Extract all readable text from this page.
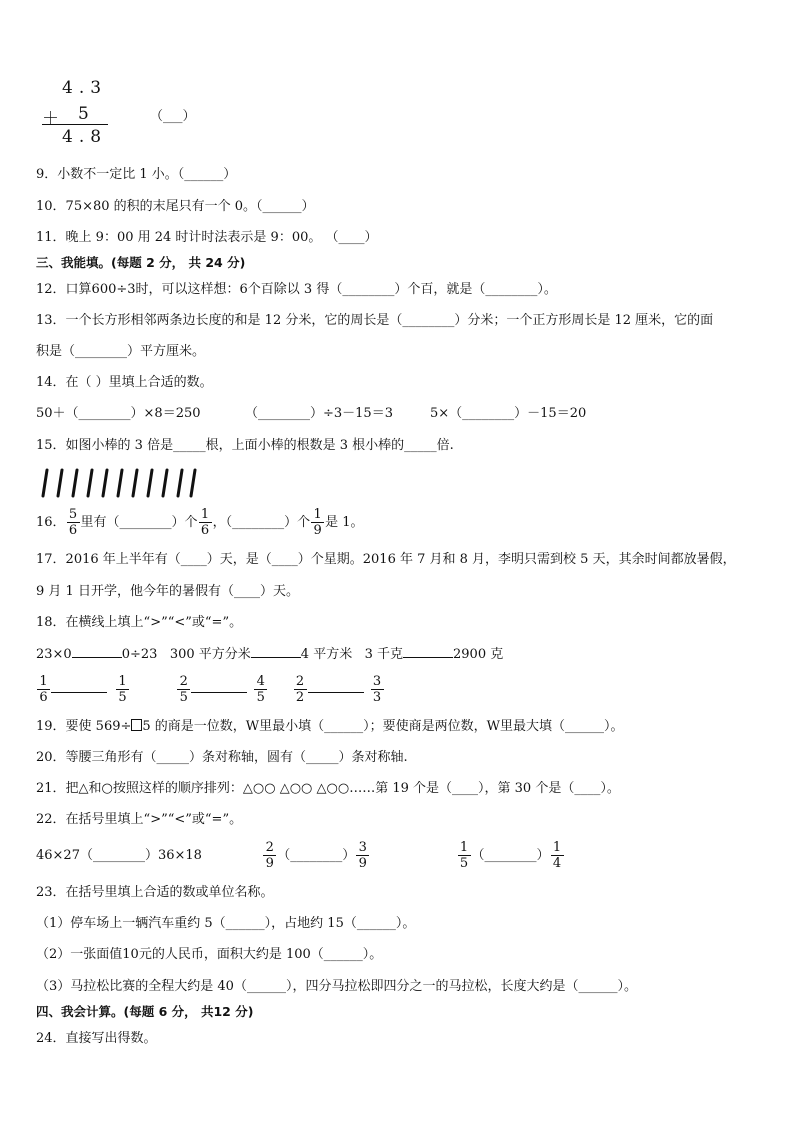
4.3
＋ 5
4.8
（___）
9．小数不一定比 1 小。（______）
10．75×80 的积的末尾只有一个 0。（______）
11．晚上 9：00 用 24 时计时法表示是 9：00。 （____）
三、我能填。(每题 2 分， 共 24 分)
12．口算600÷3时，可以这样想：6个百除以 3 得（________）个百，就是（________）。
13．一个长方形相邻两条边长度的和是 12 分米，它的周长是（________）分米；一个正方形周长是 12 厘米，它的面
积是（________）平方厘米。
14．在（ ）里填上合适的数。
50＋（________）×8＝250	（________）÷3－15＝3	5×（________）－15＝20
15．如图小棒的 3 倍是_____根，上面小棒的根数是 3 根小棒的_____倍.
16． $\frac{5}{6}$ 里有（________）个 $\frac{1}{6}$ ，（________）个 $\frac{1}{9}$ 是 1。
17．2016 年上半年有（____）天，是（____）个星期。2016 年 7 月和 8 月，李明只需到校 5 天，其余时间都放暑假，
9 月 1 日开学，他今年的暑假有（____）天。
18．在横线上填上“>”“<”或“=”。
23×0	0÷23 300 平方分米	4 平方米 3 千克	2900 克
$\frac{1}{6}$	$\frac{1}{5}$
	$\frac{2}{5}$	$\frac{4}{5}$
$\frac{2}{2}$	$\frac{3}{3}$
19．要使 569÷ 5 的商是一位数，W里最小填（______）；要使商是两位数，W里最大填（______）。
20．等腰三角形有（_____）条对称轴，圆有（_____）条对称轴.
21．把△和○按照这样的顺序排列：△○○ △○○ △○○……第 19 个是（____），第 30 个是（____）。
22．在括号里填上“>”“<”或“=”。
46×27（________）36×18	$\frac{2}{9}$ （________） $\frac{3}{9}$
	$\frac{1}{5}$ （________） $\frac{1}{4}$
23．在括号里填上合适的数或单位名称。
（1）停车场上一辆汽车重约 5（______），占地约 15（______）。
（2）一张面值10元的人民币，面积大约是 100（______）。
（3）马拉松比赛的全程大约是 40（______），四分马拉松即四分之一的马拉松，长度大约是（______）。
四、我会计算。(每题 6 分， 共12 分)
24．直接写出得数。
